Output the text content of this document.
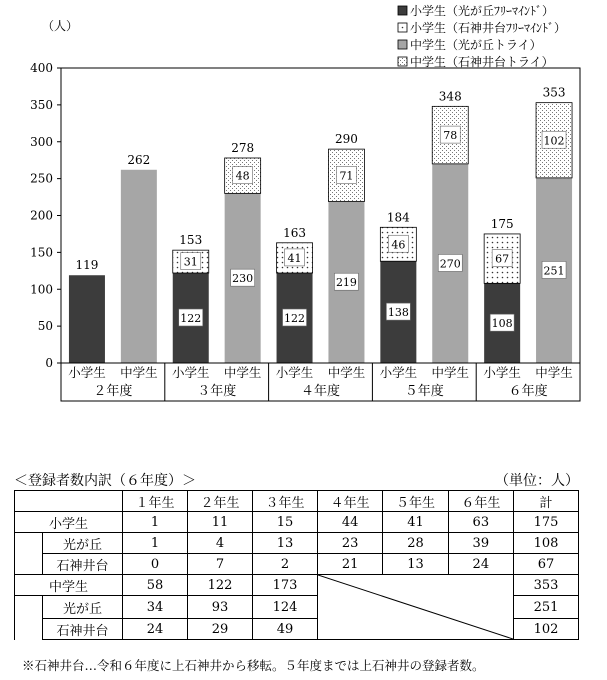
119
262
122
31
153
230
48
278
122
41
163
219
71
290
138
46
184
270
78
348
108
67
175
251
102
353
0
50
100
150
200
250
300
350
400
（人）
２年度
小学生 中学生
３年度
小学生 中学生
４年度
小学生 中学生
５年度
小学生 中学生
６年度
小学生 中学生
小学生（光が丘ﾌﾘｰﾏｲﾝﾄﾞ）
小学生（石神井台ﾌﾘｰﾏｲﾝﾄﾞ）
中学生（光が丘トライ）
中学生（石神井台トライ）
＜登録者数内訳（６年度）＞	（単位：人）
		１年生	２年生	３年生	４年生	５年生	６年生	計
小学生		1	11	15	44	41	63	175
	光が丘	1	4	13	23	28	39	108
	石神井台	0	7	2	21	13	24	67
中学生		58	122	173				353
	光が丘	34	93	124				251
	石神井台	24	29	49				102
※石神井台…令和６年度に上石神井から移転。５年度までは上石神井の登録者数。
